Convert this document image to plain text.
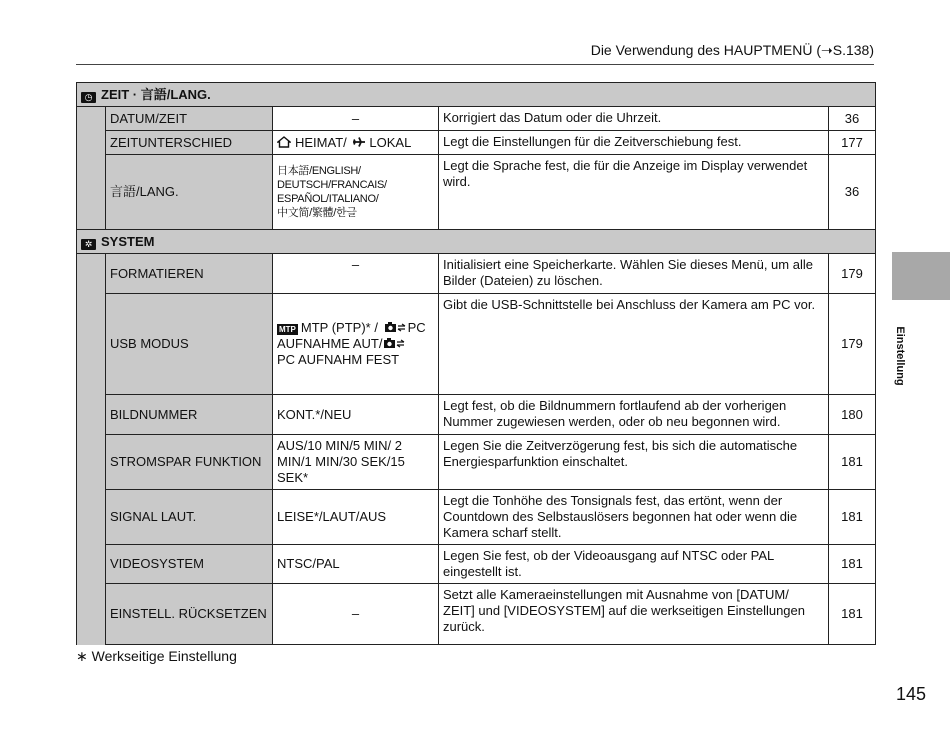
Die Verwendung des HAUPTMENÜ (➝S.138)
Einstellung
◷ ZEIT · 言語/LANG.				
	DATUM/ZEIT	–	Korrigiert das Datum oder die Uhrzeit.	36
	ZEITUNTERSCHIED	HEIMAT/ LOKAL	Legt die Einstellungen für die Zeitverschiebung fest.	177
	言語/LANG.	日本語/ENGLISH/
DEUTSCH/FRANCAIS/
ESPAÑOL/ITALIANO/
中文简/繁體/한글	Legt die Sprache fest, die für die Anzeige im Display verwendet wird.	36
✲ SYSTEM				
	FORMATIEREN	–	Initialisiert eine Speicherkarte. Wählen Sie dieses Menü, um alle Bilder (Dateien) zu löschen.	179
	USB MODUS	MTP MTP (PTP)* / PC
AUFNAHME AUT/
PC AUFNAHM FEST	Gibt die USB-Schnittstelle bei Anschluss der Kamera am PC vor.	179
	BILDNUMMER	KONT.*/NEU	Legt fest, ob die Bildnummern fortlaufend ab der vorherigen Nummer zugewiesen werden, oder ob neu begonnen wird.	180
	STROMSPAR FUNKTION	AUS/10 MIN/5 MIN/ 2 MIN/1 MIN/30 SEK/15 SEK*	Legen Sie die Zeitverzögerung fest, bis sich die automatische Energiesparfunktion einschaltet.	181
	SIGNAL LAUT.	LEISE*/LAUT/AUS	Legt die Tonhöhe des Tonsignals fest, das ertönt, wenn der Countdown des Selbstauslösers begonnen hat oder wenn die Kamera scharf stellt.	181
	VIDEOSYSTEM	NTSC/PAL	Legen Sie fest, ob der Videoausgang auf NTSC oder PAL eingestellt ist.	181
	EINSTELL. RÜCKSETZEN	–	Setzt alle Kameraeinstellungen mit Ausnahme von [DATUM/ ZEIT] und [VIDEOSYSTEM] auf die werkseitigen Einstellungen zurück.	181
∗ Werkseitige Einstellung
145
